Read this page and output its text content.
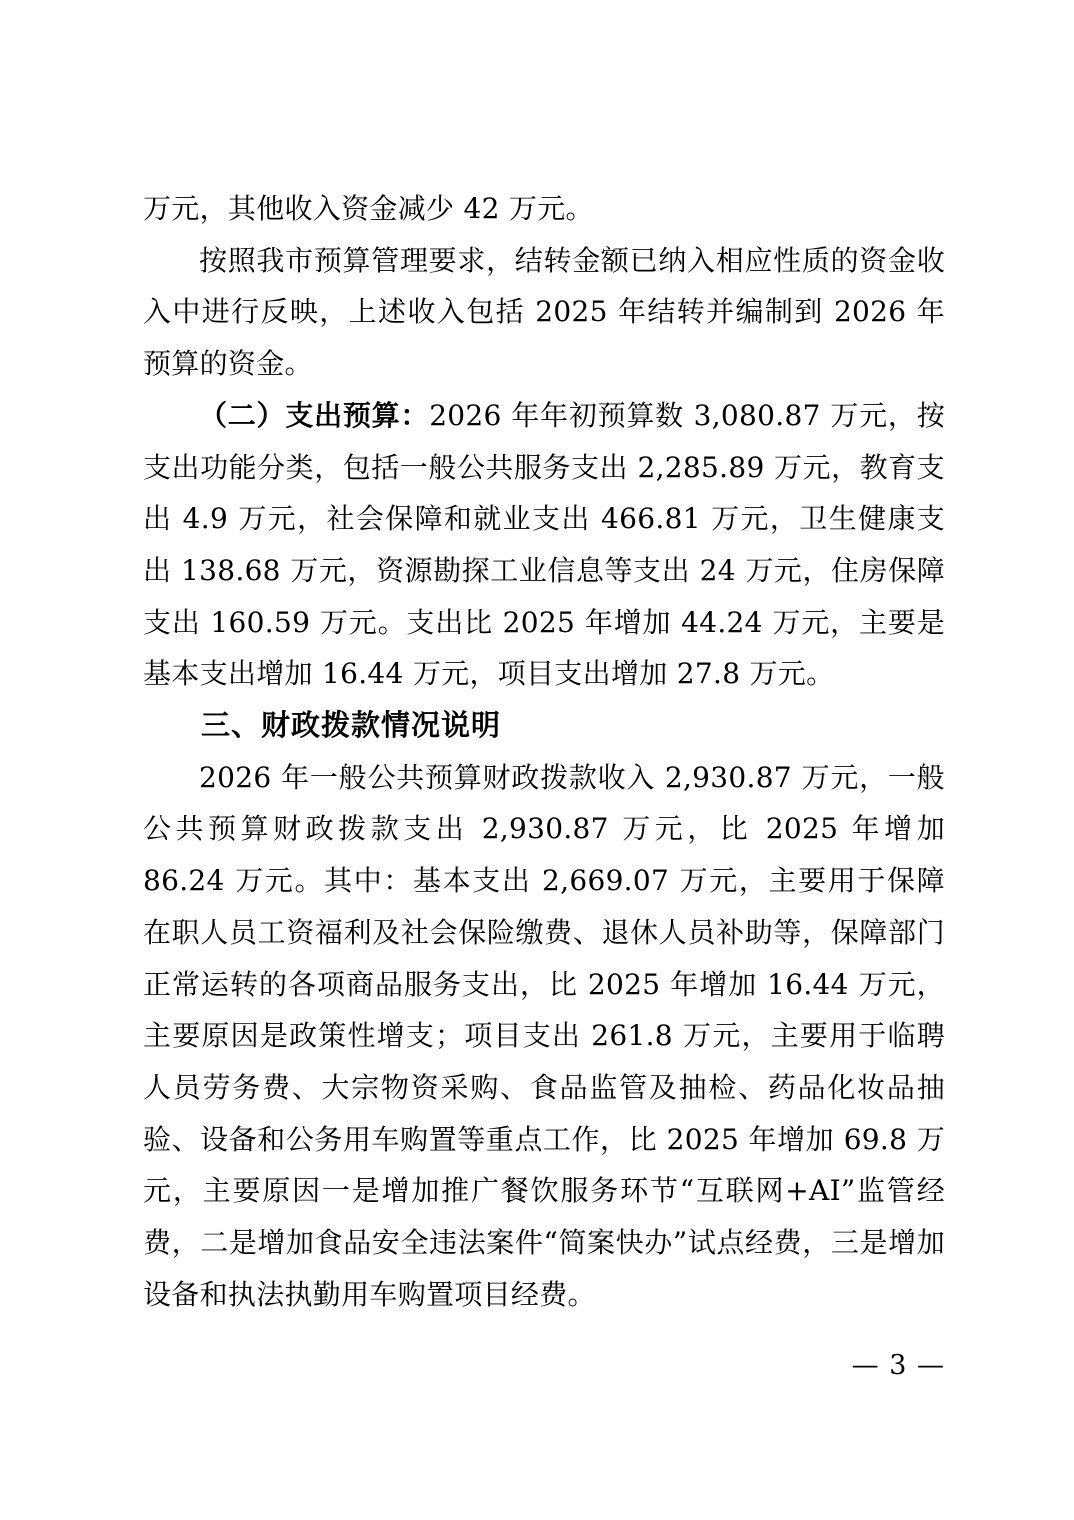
万元，其他收入资金减少 42 万元。

按照我市预算管理要求，结转金额已纳入相应性质的资金收入中进行反映，上述收入包括 2025 年结转并编制到 2026 年预算的资金。

（二）支出预算：2026 年年初预算数 3,080.87 万元，按支出功能分类，包括一般公共服务支出 2,285.89 万元，教育支出 4.9 万元，社会保障和就业支出 466.81 万元，卫生健康支出 138.68 万元，资源勘探工业信息等支出 24 万元，住房保障支出 160.59 万元。支出比 2025 年增加 44.24 万元，主要是基本支出增加 16.44 万元，项目支出增加 27.8 万元。

三、财政拨款情况说明

2026 年一般公共预算财政拨款收入 2,930.87 万元，一般公共预算财政拨款支出 2,930.87 万元，比 2025 年增加 86.24 万元。其中：基本支出 2,669.07 万元，主要用于保障在职人员工资福利及社会保险缴费、退休人员补助等，保障部门正常运转的各项商品服务支出，比 2025 年增加 16.44 万元，主要原因是政策性增支；项目支出 261.8 万元，主要用于临聘人员劳务费、大宗物资采购、食品监管及抽检、药品化妆品抽验、设备和公务用车购置等重点工作，比 2025 年增加 69.8 万元，主要原因一是增加推广餐饮服务环节“互联网+AI”监管经费，二是增加食品安全违法案件“简案快办”试点经费，三是增加设备和执法执勤用车购置项目经费。

— 3 —
